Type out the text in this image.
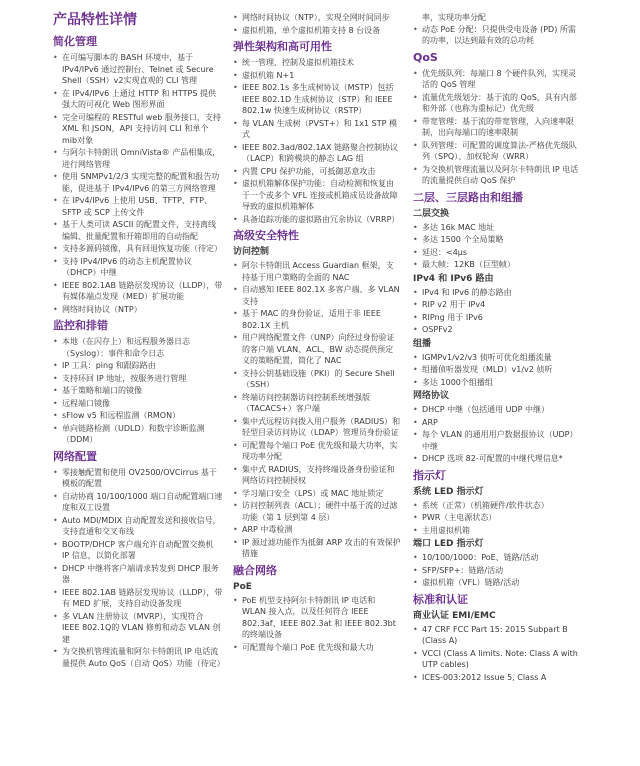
产品特性详情
简化管理
• 在可编写脚本的 BASH 环境中，基于 IPv4/IPv6 通过控制台、Telnet 或 Secure Shell（SSH）v2实现直观的 CLI 管理
• 在 IPv4/IPv6 上通过 HTTP 和 HTTPS 提供强大的可视化 Web 图形界面
• 完全可编程的 RESTful web 服务接口，支持 XML 和 JSON，API 支持访问 CLI 和单个 mib对象
• 与阿尔卡特朗讯 OmniVista® 产品相集成，进行网络管理
• 使用 SNMPv1/2/3 实现完整的配置和报告功能，促进基于 IPv4/IPv6 的第三方网络管理
• 在 IPv4/IPv6 上使用 USB、TFTP、FTP、SFTP 或 SCP 上传文件
• 基于人类可读 ASCII 的配置文件，支持离线编辑、批量配置和开箱即用的自动指配
• 支持多源码镜像，具有回退恢复功能（待定）
• 支持 IPv4/IPv6 的动态主机配置协议（DHCP）中继
• IEEE 802.1AB 链路层发现协议（LLDP），带有媒体端点发现（MED）扩展功能
• 网络时间协议（NTP）
监控和排错
• 本地（在闪存上）和远程服务器日志（Syslog）：事件和命令日志
• IP 工具：ping 和跟踪路由
• 支持环回 IP 地址，按服务进行管理
• 基于策略和端口的镜像
• 远程端口镜像
• sFlow v5 和远程监测（RMON）
• 单向链路检测（UDLD）和数字诊断监测（DDM）
网络配置
• 零接触配置和使用 OV2500/OVCirrus 基于模板的配置
• 自动协商 10/100/1000 端口自动配置端口速度和双工设置
• Auto MDI/MDIX 自动配置发送和接收信号，支持直通和交叉布线
• BOOTP/DHCP 客户端允许自动配置交换机 IP 信息，以简化部署
• DHCP 中继将客户端请求转发到 DHCP 服务器
• IEEE 802.1AB 链路层发现协议（LLDP），带有 MED 扩展，支持自动设备发现
• 多 VLAN 注册协议（MVRP），实现符合 IEEE 802.1Q的 VLAN 修剪和动态 VLAN 创建
• 为交换机管理流量和阿尔卡特朗讯 IP 电话流量提供 Auto QoS（自动 QoS）功能（待定）
• 网络时间协议（NTP），实现全网时间同步
• 虚拟机箱，单个虚拟机箱支持 8 台设备
弹性架构和高可用性
• 统一管理、控制及虚拟机箱技术
• 虚拟机箱 N+1
• IEEE 802.1s 多生成树协议（MSTP）包括 IEEE 802.1D 生成树协议（STP）和 IEEE 802.1w 快速生成树协议（RSTP）
• 每 VLAN 生成树（PVST+）和 1x1 STP 模式
• IEEE 802.3ad/802.1AX 链路聚合控制协议（LACP）和跨模块的静态 LAG 组
• 内置 CPU 保护功能，可抵御恶意攻击
• 虚拟机箱解体保护功能：自动检测和恢复由于一个或多个 VFL 连接或机箱成员设备故障导致的虚拟机箱解体
• 具备追踪功能的虚拟路由冗余协议（VRRP）
高级安全特性
访问控制
• 阿尔卡特朗讯 Access Guardian 框架，支持基于用户策略的全面的 NAC
• 自动感知 IEEE 802.1X 多客户端、多 VLAN 支持
• 基于 MAC 的身份验证，适用于非 IEEE 802.1X 主机
• 用户网络配置文件（UNP）向经过身份验证的客户端 VLAN、ACL、BW 动态提供预定义的策略配置，简化了 NAC
• 支持公钥基础设施（PKI）的 Secure Shell（SSH）
• 终端访问控制器访问控制系统增强版（TACACS+）客户端
• 集中式远程访问拨入用户服务（RADIUS）和轻型目录访问协议（LDAP）管理员身份验证
• 可配置每个端口 PoE 优先级和最大功率，实现功率分配
• 集中式 RADIUS，支持终端设备身份验证和网络访问控制授权
• 学习端口安全（LPS）或 MAC 地址锁定
• 访问控制列表（ACL）；硬件中基于流的过滤功能（第 1 层到第 4 层）
• ARP 中毒检测
• IP 源过滤功能作为抵御 ARP 攻击的有效保护措施
融合网络
PoE
• PoE 机型支持阿尔卡特朗讯 IP 电话和 WLAN 接入点，以及任何符合 IEEE 802.3af、IEEE 802.3at 和 IEEE 802.3bt 的终端设备
• 可配置每个端口 PoE 优先级和最大功
率，实现功率分配
• 动态 PoE 分配：只提供受电设备 (PD) 所需的功率，以达到最有效的总功耗
QoS
• 优先级队列：每端口 8 个硬件队列，实现灵活的 QoS 管理
• 流量优先级划分：基于流的 QoS，具有内部和外部（也称为重标记）优先级
• 带宽管理：基于流的带宽管理，入向速率限制，出向每端口的速率限制
• 队列管理：可配置的调度算法-严格优先级队列（SPQ）、加权轮询（WRR）
• 为交换机管理流量以及阿尔卡特朗讯 IP 电话的流量提供自动 QoS 保护
二层、三层路由和组播
二层交换
• 多达 16k MAC 地址
• 多达 1500 个全局策略
• 延迟：<4μs
• 最大帧：12KB（巨型帧）
IPv4 和 IPv6 路由
• IPv4 和 IPv6 的静态路由
• RIP v2 用于 IPv4
• RIPng 用于 IPv6
• OSPFv2
组播
• IGMPv1/v2/v3 侦听可优化组播流量
• 组播侦听器发现（MLD）v1/v2 侦听
• 多达 1000个组播组
网络协议
• DHCP 中继（包括通用 UDP 中继）
• ARP
• 每个 VLAN 的通用用户数据报协议（UDP）中继
• DHCP 选项 82-可配置的中继代理信息*
指示灯
系统 LED 指示灯
• 系统（正常）（机箱硬件/软件状态）
• PWR（主电源状态）
• 主用虚拟机箱
端口 LED 指示灯
• 10/100/1000：PoE、链路/活动
• SFP/SFP+：链路/活动
• 虚拟机箱（VFL）链路/活动
标准和认证
商业认证 EMI/EMC
• 47 CRF FCC Part 15: 2015 Subpart B (Class A)
• VCCI (Class A limits. Note: Class A with UTP cables)
• ICES-003:2012 Issue 5, Class A
